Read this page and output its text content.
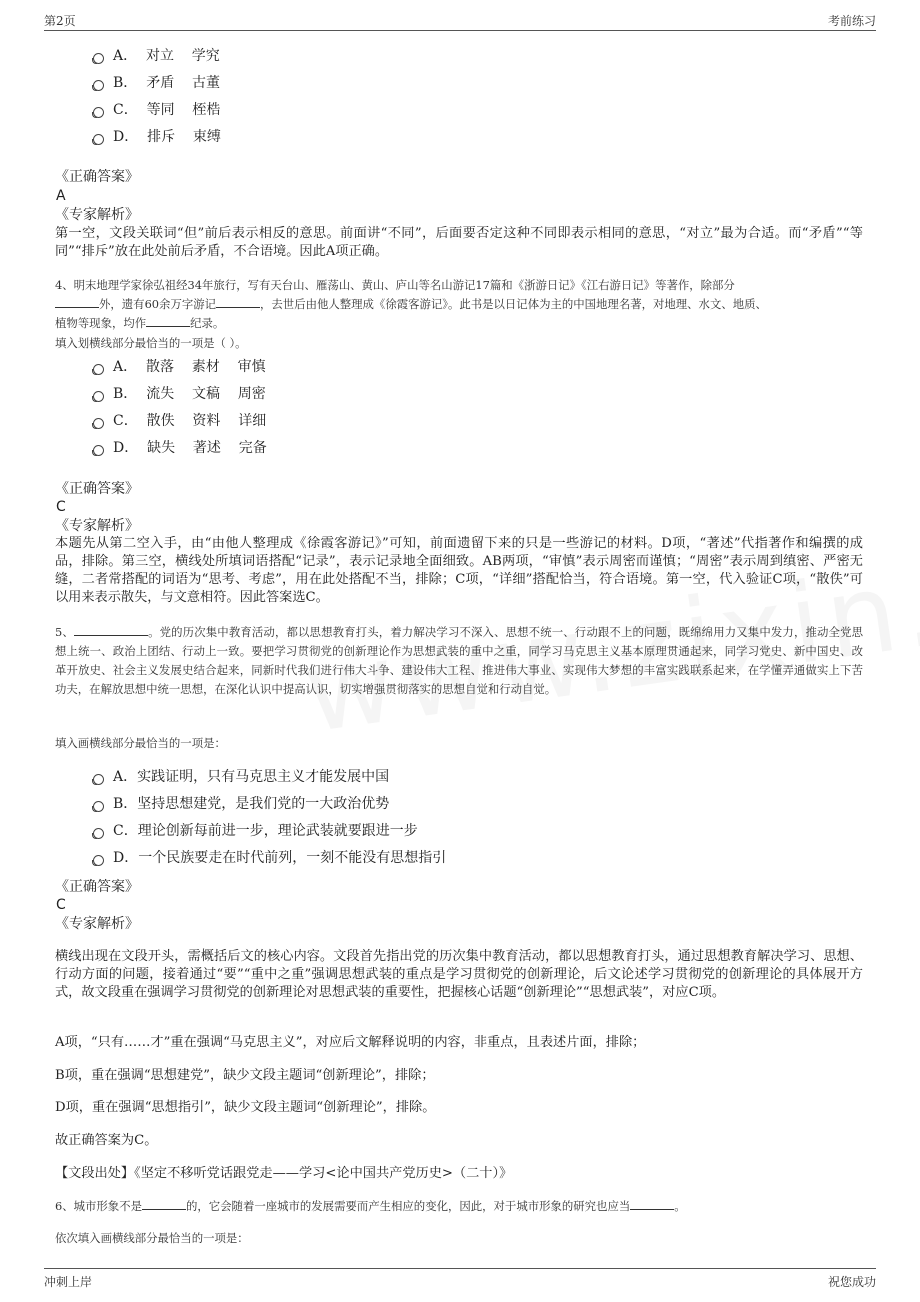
第2页	考前练习
A．  对立    学究
B．  矛盾    古董
C．  等同    桎梏
D．  排斥    束缚
《正确答案》
A
《专家解析》

第一空，文段关联词“但”前后表示相反的意思。前面讲“不同”，后面要否定这种不同即表示相同的意思，“对立”最为合适。而“矛盾”“等同”“排斥”放在此处前后矛盾，不合语境。因此A项正确。

4、明末地理学家徐弘祖经34年旅行，写有天台山、雁荡山、黄山、庐山等名山游记17篇和《浙游日记》《江右游日记》等著作，除部分
外，遗有60余万字游记	，去世后由他人整理成《徐霞客游记》。此书是以日记体为主的中国地理名著，对地理、水文、地质、
植物等现象，均作	纪录。

填入划横线部分最恰当的一项是（ ）。
A．  散落    素材    审慎
B．  流失    文稿    周密
C．  散佚    资料    详细
D．  缺失    著述    完备
《正确答案》
C
《专家解析》

本题先从第二空入手，由“由他人整理成《徐霞客游记》”可知，前面遗留下来的只是一些游记的材料。D项，“著述”代指著作和编撰的成品，排除。第三空，横线处所填词语搭配“记录”，表示记录地全面细致。AB两项，“审慎”表示周密而谨慎；“周密”表示周到缜密、严密无缝，二者常搭配的词语为“思考、考虑”，用在此处搭配不当，排除；C项，“详细”搭配恰当，符合语境。第一空，代入验证C项，“散佚”可以用来表示散失，与文意相符。因此答案选C。

5、	。党的历次集中教育活动，都以思想教育打头，着力解决学习不深入、思想不统一、行动跟不上的问题，既绵绵用力又集中发力，推动全党思想上统一、政治上团结、行动上一致。要把学习贯彻党的创新理论作为思想武装的重中之重，同学习马克思主义基本原理贯通起来，同学习党史、新中国史、改革开放史、社会主义发展史结合起来，同新时代我们进行伟大斗争、建设伟大工程、推进伟大事业、实现伟大梦想的丰富实践联系起来，在学懂弄通做实上下苦功夫，在解放思想中统一思想，在深化认识中提高认识，切实增强贯彻落实的思想自觉和行动自觉。

填入画横线部分最恰当的一项是：
A．实践证明，只有马克思主义才能发展中国
B．坚持思想建党，是我们党的一大政治优势
C．理论创新每前进一步，理论武装就要跟进一步
D．一个民族要走在时代前列，一刻不能没有思想指引
《正确答案》
C
《专家解析》

横线出现在文段开头，需概括后文的核心内容。文段首先指出党的历次集中教育活动，都以思想教育打头，通过思想教育解决学习、思想、行动方面的问题，接着通过“要”“重中之重”强调思想武装的重点是学习贯彻党的创新理论，后文论述学习贯彻党的创新理论的具体展开方式，故文段重在强调学习贯彻党的创新理论对思想武装的重要性，把握核心话题“创新理论”“思想武装”，对应C项。

A项，“只有……才”重在强调“马克思主义”，对应后文解释说明的内容，非重点，且表述片面，排除；
B项，重在强调“思想建党”，缺少文段主题词“创新理论”，排除；
D项，重在强调“思想指引”，缺少文段主题词“创新理论”，排除。
故正确答案为C。
【文段出处】《坚定不移听党话跟党走——学习<论中国共产党历史>（二十）》
6、城市形象不是	的，它会随着一座城市的发展需要而产生相应的变化，因此，对于城市形象的研究也应当	。
依次填入画横线部分最恰当的一项是：
冲刺上岸	祝您成功
